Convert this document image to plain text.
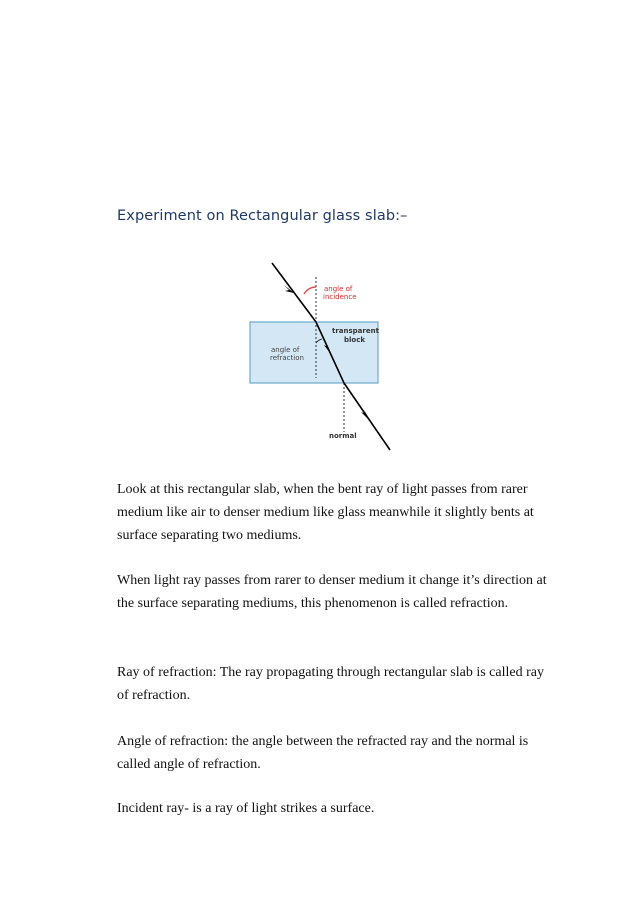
Experiment on Rectangular glass slab:–
angle of
incidence
transparent
block
angle of
refraction
normal

Look at this rectangular slab, when the bent ray of light passes from rarer medium like air to denser medium like glass meanwhile it slightly bents at surface separating two mediums.

When light ray passes from rarer to denser medium it change it’s direction at the surface separating mediums, this phenomenon is called refraction.

Ray of refraction: The ray propagating through rectangular slab is called ray of refraction.

Angle of refraction: the angle between the refracted ray and the normal is called angle of refraction.

Incident ray- is a ray of light strikes a surface.
